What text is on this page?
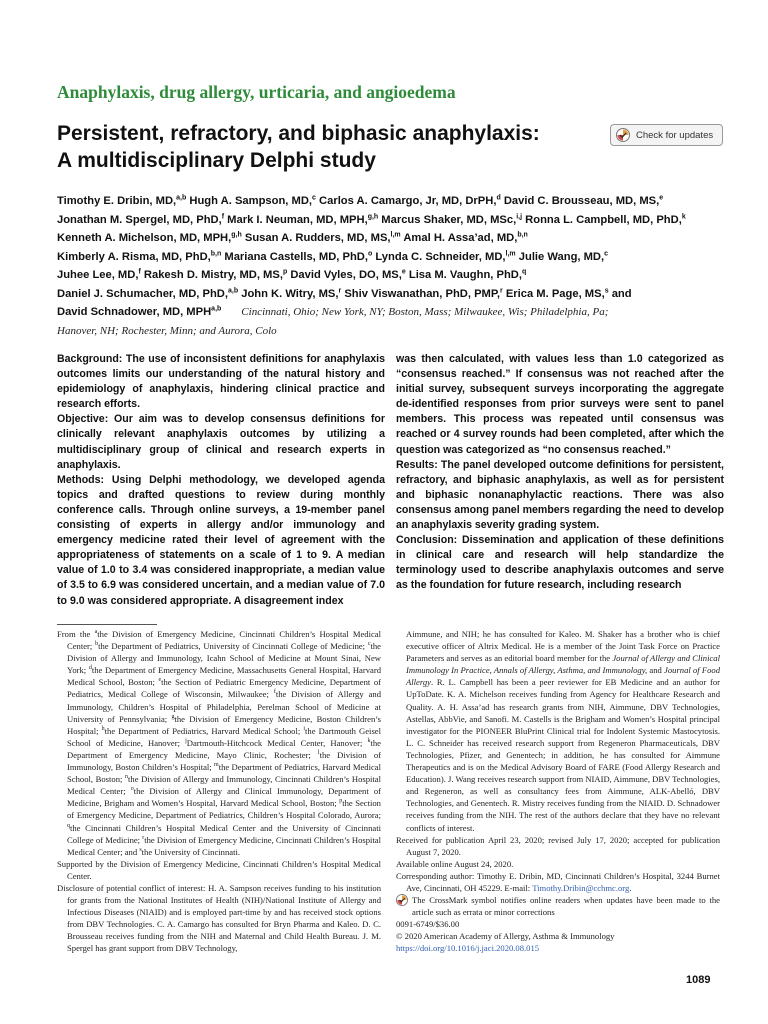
Anaphylaxis, drug allergy, urticaria, and angioedema
Persistent, refractory, and biphasic anaphylaxis:
A multidisciplinary Delphi study
Check for updates
Timothy E. Dribin, MD,$^{a,b}$ Hugh A. Sampson, MD,$^c$ Carlos A. Camargo, Jr, MD, DrPH,$^d$ David C. Brousseau, MD, MS,$^e$
Jonathan M. Spergel, MD, PhD,$^f$ Mark I. Neuman, MD, MPH,$^{g,h}$ Marcus Shaker, MD, MSc,$^{i,j}$ Ronna L. Campbell, MD, PhD,$^k$
Kenneth A. Michelson, MD, MPH,$^{g,h}$ Susan A. Rudders, MD, MS,$^{l,m}$ Amal H. Assa’ad, MD,$^{b,n}$
Kimberly A. Risma, MD, PhD,$^{b,n}$ Mariana Castells, MD, PhD,$^o$ Lynda C. Schneider, MD,$^{l,m}$ Julie Wang, MD,$^c$
Juhee Lee, MD,$^f$ Rakesh D. Mistry, MD, MS,$^p$ David Vyles, DO, MS,$^e$ Lisa M. Vaughn, PhD,$^q$
Daniel J. Schumacher, MD, PhD,$^{a,b}$ John K. Witry, MS,$^r$ Shiv Viswanathan, PhD, PMP,$^r$ Erica M. Page, MS,$^s$ and
David Schnadower, MD, MPH$^{a,b}$ Cincinnati, Ohio; New York, NY; Boston, Mass; Milwaukee, Wis; Philadelphia, Pa;
Hanover, NH; Rochester, Minn; and Aurora, Colo

Background: The use of inconsistent definitions for anaphylaxis outcomes limits our understanding of the natural history and epidemiology of anaphylaxis, hindering clinical practice and research efforts.

Objective: Our aim was to develop consensus definitions for clinically relevant anaphylaxis outcomes by utilizing a multidisciplinary group of clinical and research experts in anaphylaxis.

Methods: Using Delphi methodology, we developed agenda topics and drafted questions to review during monthly conference calls. Through online surveys, a 19-member panel consisting of experts in allergy and/or immunology and emergency medicine rated their level of agreement with the appropriateness of statements on a scale of 1 to 9. A median value of 1.0 to 3.4 was considered inappropriate, a median value of 3.5 to 6.9 was considered uncertain, and a median value of 7.0 to 9.0 was considered appropriate. A disagreement index

was then calculated, with values less than 1.0 categorized as “consensus reached.” If consensus was not reached after the initial survey, subsequent surveys incorporating the aggregate de-identified responses from prior surveys were sent to panel members. This process was repeated until consensus was reached or 4 survey rounds had been completed, after which the question was categorized as “no consensus reached.”

Results: The panel developed outcome definitions for persistent, refractory, and biphasic anaphylaxis, as well as for persistent and biphasic nonanaphylactic reactions. There was also consensus among panel members regarding the need to develop an anaphylaxis severity grading system.

Conclusion: Dissemination and application of these definitions in clinical care and research will help standardize the terminology used to describe anaphylaxis outcomes and serve as the foundation for future research, including research

From the $^a$the Division of Emergency Medicine, Cincinnati Children’s Hospital Medical Center; $^b$the Department of Pediatrics, University of Cincinnati College of Medicine; $^c$the Division of Allergy and Immunology, Icahn School of Medicine at Mount Sinai, New York; $^d$the Department of Emergency Medicine, Massachusetts General Hospital, Harvard Medical School, Boston; $^e$the Section of Pediatric Emergency Medicine, Department of Pediatrics, Medical College of Wisconsin, Milwaukee; $^f$the Division of Allergy and Immunology, Children’s Hospital of Philadelphia, Perelman School of Medicine at University of Pennsylvania; $^g$the Division of Emergency Medicine, Boston Children’s Hospital; $^h$the Department of Pediatrics, Harvard Medical School; $^i$the Dartmouth Geisel School of Medicine, Hanover; $^j$Dartmouth-Hitchcock Medical Center, Hanover; $^k$the Department of Emergency Medicine, Mayo Clinic, Rochester; $^l$the Division of Immunology, Boston Children’s Hospital; $^m$the Department of Pediatrics, Harvard Medical School, Boston; $^n$the Division of Allergy and Immunology, Cincinnati Children’s Hospital Medical Center; $^o$the Division of Allergy and Clinical Immunology, Department of Medicine, Brigham and Women’s Hospital, Harvard Medical School, Boston; $^p$the Section of Emergency Medicine, Department of Pediatrics, Children’s Hospital Colorado, Aurora; $^q$the Cincinnati Children’s Hospital Medical Center and the University of Cincinnati College of Medicine; $^r$the Division of Emergency Medicine, Cincinnati Children’s Hospital Medical Center; and $^s$the University of Cincinnati.

Supported by the Division of Emergency Medicine, Cincinnati Children’s Hospital Medical Center.

Disclosure of potential conflict of interest: H. A. Sampson receives funding to his institution for grants from the National Institutes of Health (NIH)/National Institute of Allergy and Infectious Diseases (NIAID) and is employed part-time by and has received stock options from DBV Technologies. C. A. Camargo has consulted for Bryn Pharma and Kaleo. D. C. Brousseau receives funding from the NIH and Maternal and Child Health Bureau. J. M. Spergel has grant support from DBV Technology,

Aimmune, and NIH; he has consulted for Kaleo. M. Shaker has a brother who is chief executive officer of Altrix Medical. He is a member of the Joint Task Force on Practice Parameters and serves as an editorial board member for the Journal of Allergy and Clinical Immunology In Practice, Annals of Allergy, Asthma, and Immunology, and Journal of Food Allergy. R. L. Campbell has been a peer reviewer for EB Medicine and an author for UpToDate. K. A. Michelson receives funding from Agency for Healthcare Research and Quality. A. H. Assa’ad has research grants from NIH, Aimmune, DBV Technologies, Astellas, AbbVie, and Sanofi. M. Castells is the Brigham and Women’s Hospital principal investigator for the PIONEER BluPrint Clinical trial for Indolent Systemic Mastocytosis. L. C. Schneider has received research support from Regeneron Pharmaceuticals, DBV Technologies, Pfizer, and Genentech; in addition, he has consulted for Aimmune Therapeutics and is on the Medical Advisory Board of FARE (Food Allergy Research and Education). J. Wang receives research support from NIAID, Aimmune, DBV Technologies, and Regeneron, as well as consultancy fees from Aimmune, ALK-Abelló, DBV Technologies, and Genentech. R. Mistry receives funding from the NIAID. D. Schnadower receives funding from the NIH. The rest of the authors declare that they have no relevant conflicts of interest.

Received for publication April 23, 2020; revised July 17, 2020; accepted for publication August 7, 2020.

Available online August 24, 2020.

Corresponding author: Timothy E. Dribin, MD, Cincinnati Children’s Hospital, 3244 Burnet Ave, Cincinnati, OH 45229. E-mail: Timothy.Dribin@cchmc.org.

The CrossMark symbol notifies online readers when updates have been made to the article such as errata or minor corrections

0091-6749/$36.00

© 2020 American Academy of Allergy, Asthma & Immunology

https://doi.org/10.1016/j.jaci.2020.08.015

1089
